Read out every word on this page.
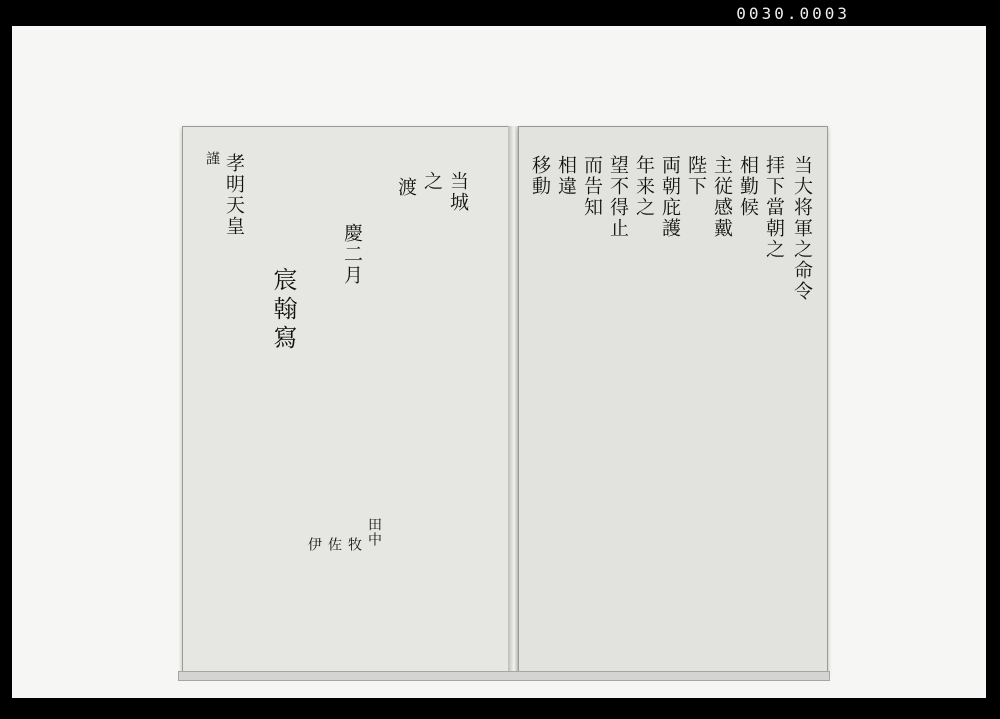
0030.0003
当城
之
渡
慶二月
田中
牧
佐
伊
宸翰寫
孝明天皇
謹	当大将軍之命令
拝下當朝之
相勤候
主従感戴
陛下
両朝庇護
年来之
望不得止
而告知
相違
移動
